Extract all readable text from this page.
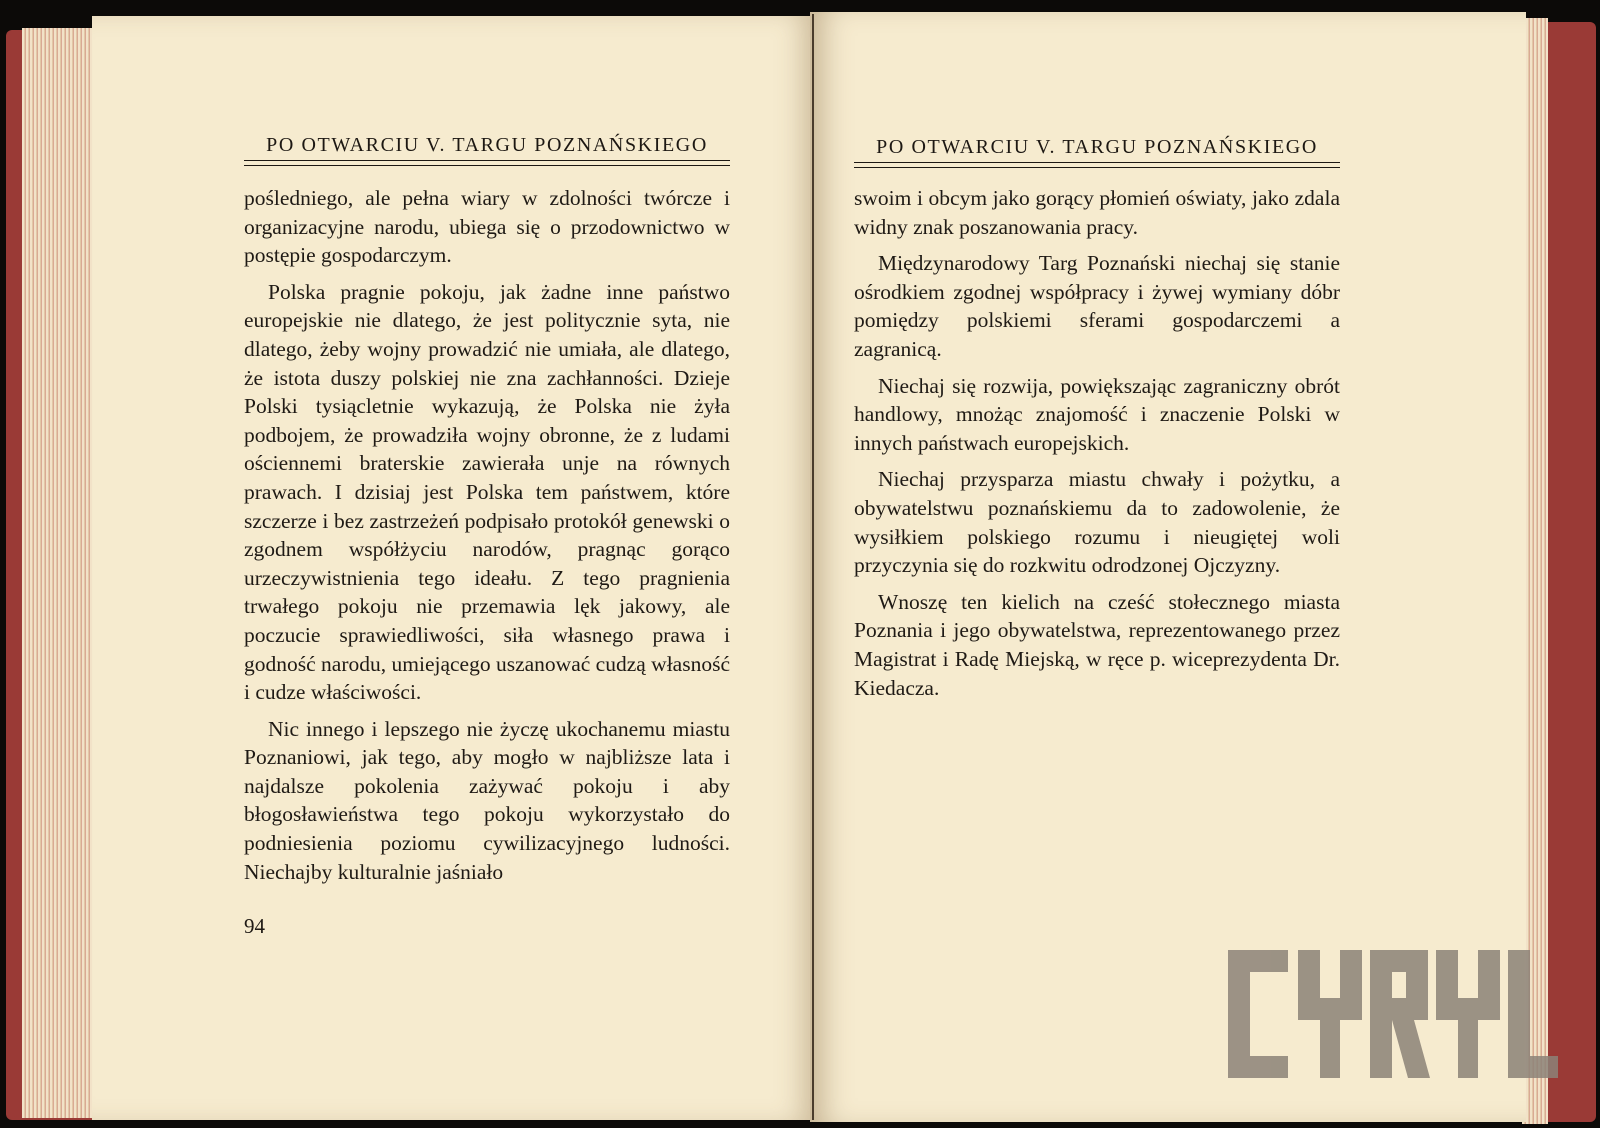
PO OTWARCIU V. TARGU POZNAŃSKIEGO

pośledniego, ale pełna wiary w zdolności twórcze i organizacyjne narodu, ubiega się o przodownictwo w postępie gospodarczym.

Polska pragnie pokoju, jak żadne inne państwo europejskie nie dlatego, że jest politycznie syta, nie dlatego, żeby wojny prowadzić nie umiała, ale dlatego, że istota duszy polskiej nie zna zachłanności. Dzieje Polski tysiącletnie wykazują, że Polska nie żyła podbojem, że prowadziła wojny obronne, że z ludami ościennemi braterskie zawierała unje na równych prawach. I dzisiaj jest Polska tem państwem, które szczerze i bez zastrzeżeń podpisało protokół genewski o zgodnem współżyciu narodów, pragnąc gorąco urzeczywistnienia tego ideału. Z tego pragnienia trwałego pokoju nie przemawia lęk jakowy, ale poczucie sprawiedliwości, siła własnego prawa i godność narodu, umiejącego uszanować cudzą własność i cudze właściwości.

Nic innego i lepszego nie życzę ukochanemu miastu Poznaniowi, jak tego, aby mogło w najbliższe lata i najdalsze pokolenia zażywać pokoju i aby błogosławieństwa tego pokoju wykorzystało do podniesienia poziomu cywilizacyjnego ludności. Niechajby kulturalnie jaśniało

94
PO OTWARCIU V. TARGU POZNAŃSKIEGO

swoim i obcym jako gorący płomień oświaty, jako zdala widny znak poszanowania pracy.

Międzynarodowy Targ Poznański niechaj się stanie ośrodkiem zgodnej współpracy i żywej wymiany dóbr pomiędzy polskiemi sferami gospodarczemi a zagranicą.

Niechaj się rozwija, powiększając zagraniczny obrót handlowy, mnożąc znajomość i znaczenie Polski w innych państwach europejskich.

Niechaj przysparza miastu chwały i pożytku, a obywatelstwu poznańskiemu da to zadowolenie, że wysiłkiem polskiego rozumu i nieugiętej woli przyczynia się do rozkwitu odrodzonej Ojczyzny.

Wnoszę ten kielich na cześć stołecznego miasta Poznania i jego obywatelstwa, reprezentowanego przez Magistrat i Radę Miejską, w ręce p. wiceprezydenta Dr. Kiedacza.
